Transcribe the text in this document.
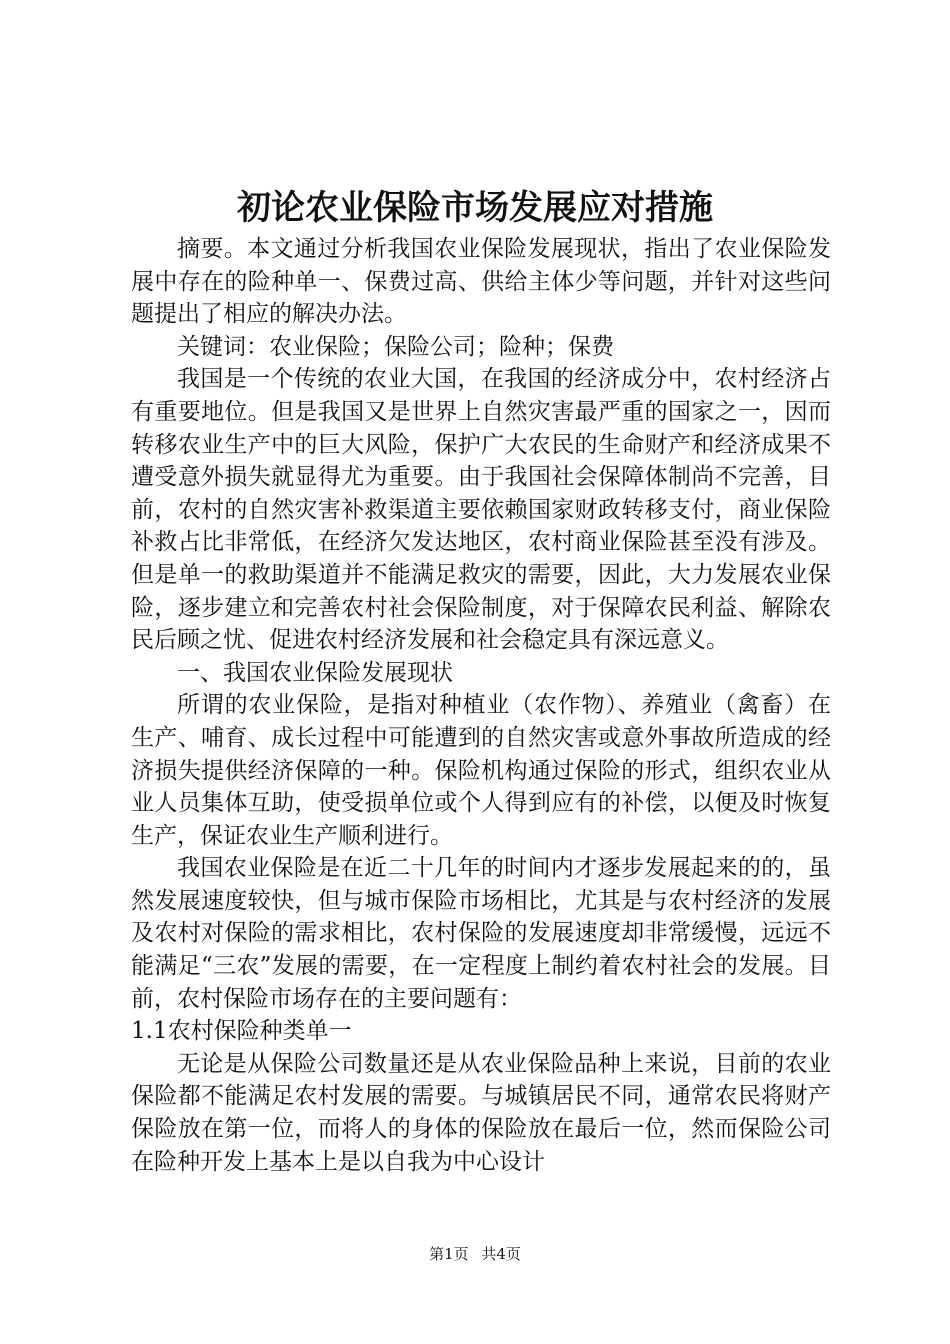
初论农业保险市场发展应对措施

摘要。本文通过分析我国农业保险发展现状，指出了农业保险发展中存在的险种单一、保费过高、供给主体少等问题，并针对这些问题提出了相应的解决办法。

关键词：农业保险；保险公司；险种；保费

我国是一个传统的农业大国，在我国的经济成分中，农村经济占有重要地位。但是我国又是世界上自然灾害最严重的国家之一，因而转移农业生产中的巨大风险，保护广大农民的生命财产和经济成果不遭受意外损失就显得尤为重要。由于我国社会保障体制尚不完善，目前，农村的自然灾害补救渠道主要依赖国家财政转移支付，商业保险补救占比非常低，在经济欠发达地区，农村商业保险甚至没有涉及。但是单一的救助渠道并不能满足救灾的需要，因此，大力发展农业保险，逐步建立和完善农村社会保险制度，对于保障农民利益、解除农民后顾之忧、促进农村经济发展和社会稳定具有深远意义。

一、我国农业保险发展现状

所谓的农业保险，是指对种植业（农作物）、养殖业（禽畜）在生产、哺育、成长过程中可能遭到的自然灾害或意外事故所造成的经济损失提供经济保障的一种。保险机构通过保险的形式，组织农业从业人员集体互助，使受损单位或个人得到应有的补偿，以便及时恢复生产，保证农业生产顺利进行。

我国农业保险是在近二十几年的时间内才逐步发展起来的的，虽然发展速度较快，但与城市保险市场相比，尤其是与农村经济的发展及农村对保险的需求相比，农村保险的发展速度却非常缓慢，远远不能满足“三农”发展的需要，在一定程度上制约着农村社会的发展。目前，农村保险市场存在的主要问题有：

1.1农村保险种类单一

无论是从保险公司数量还是从农业保险品种上来说，目前的农业保险都不能满足农村发展的需要。与城镇居民不同，通常农民将财产保险放在第一位，而将人的身体的保险放在最后一位，然而保险公司在险种开发上基本上是以自我为中心设计

第1页 共4页
